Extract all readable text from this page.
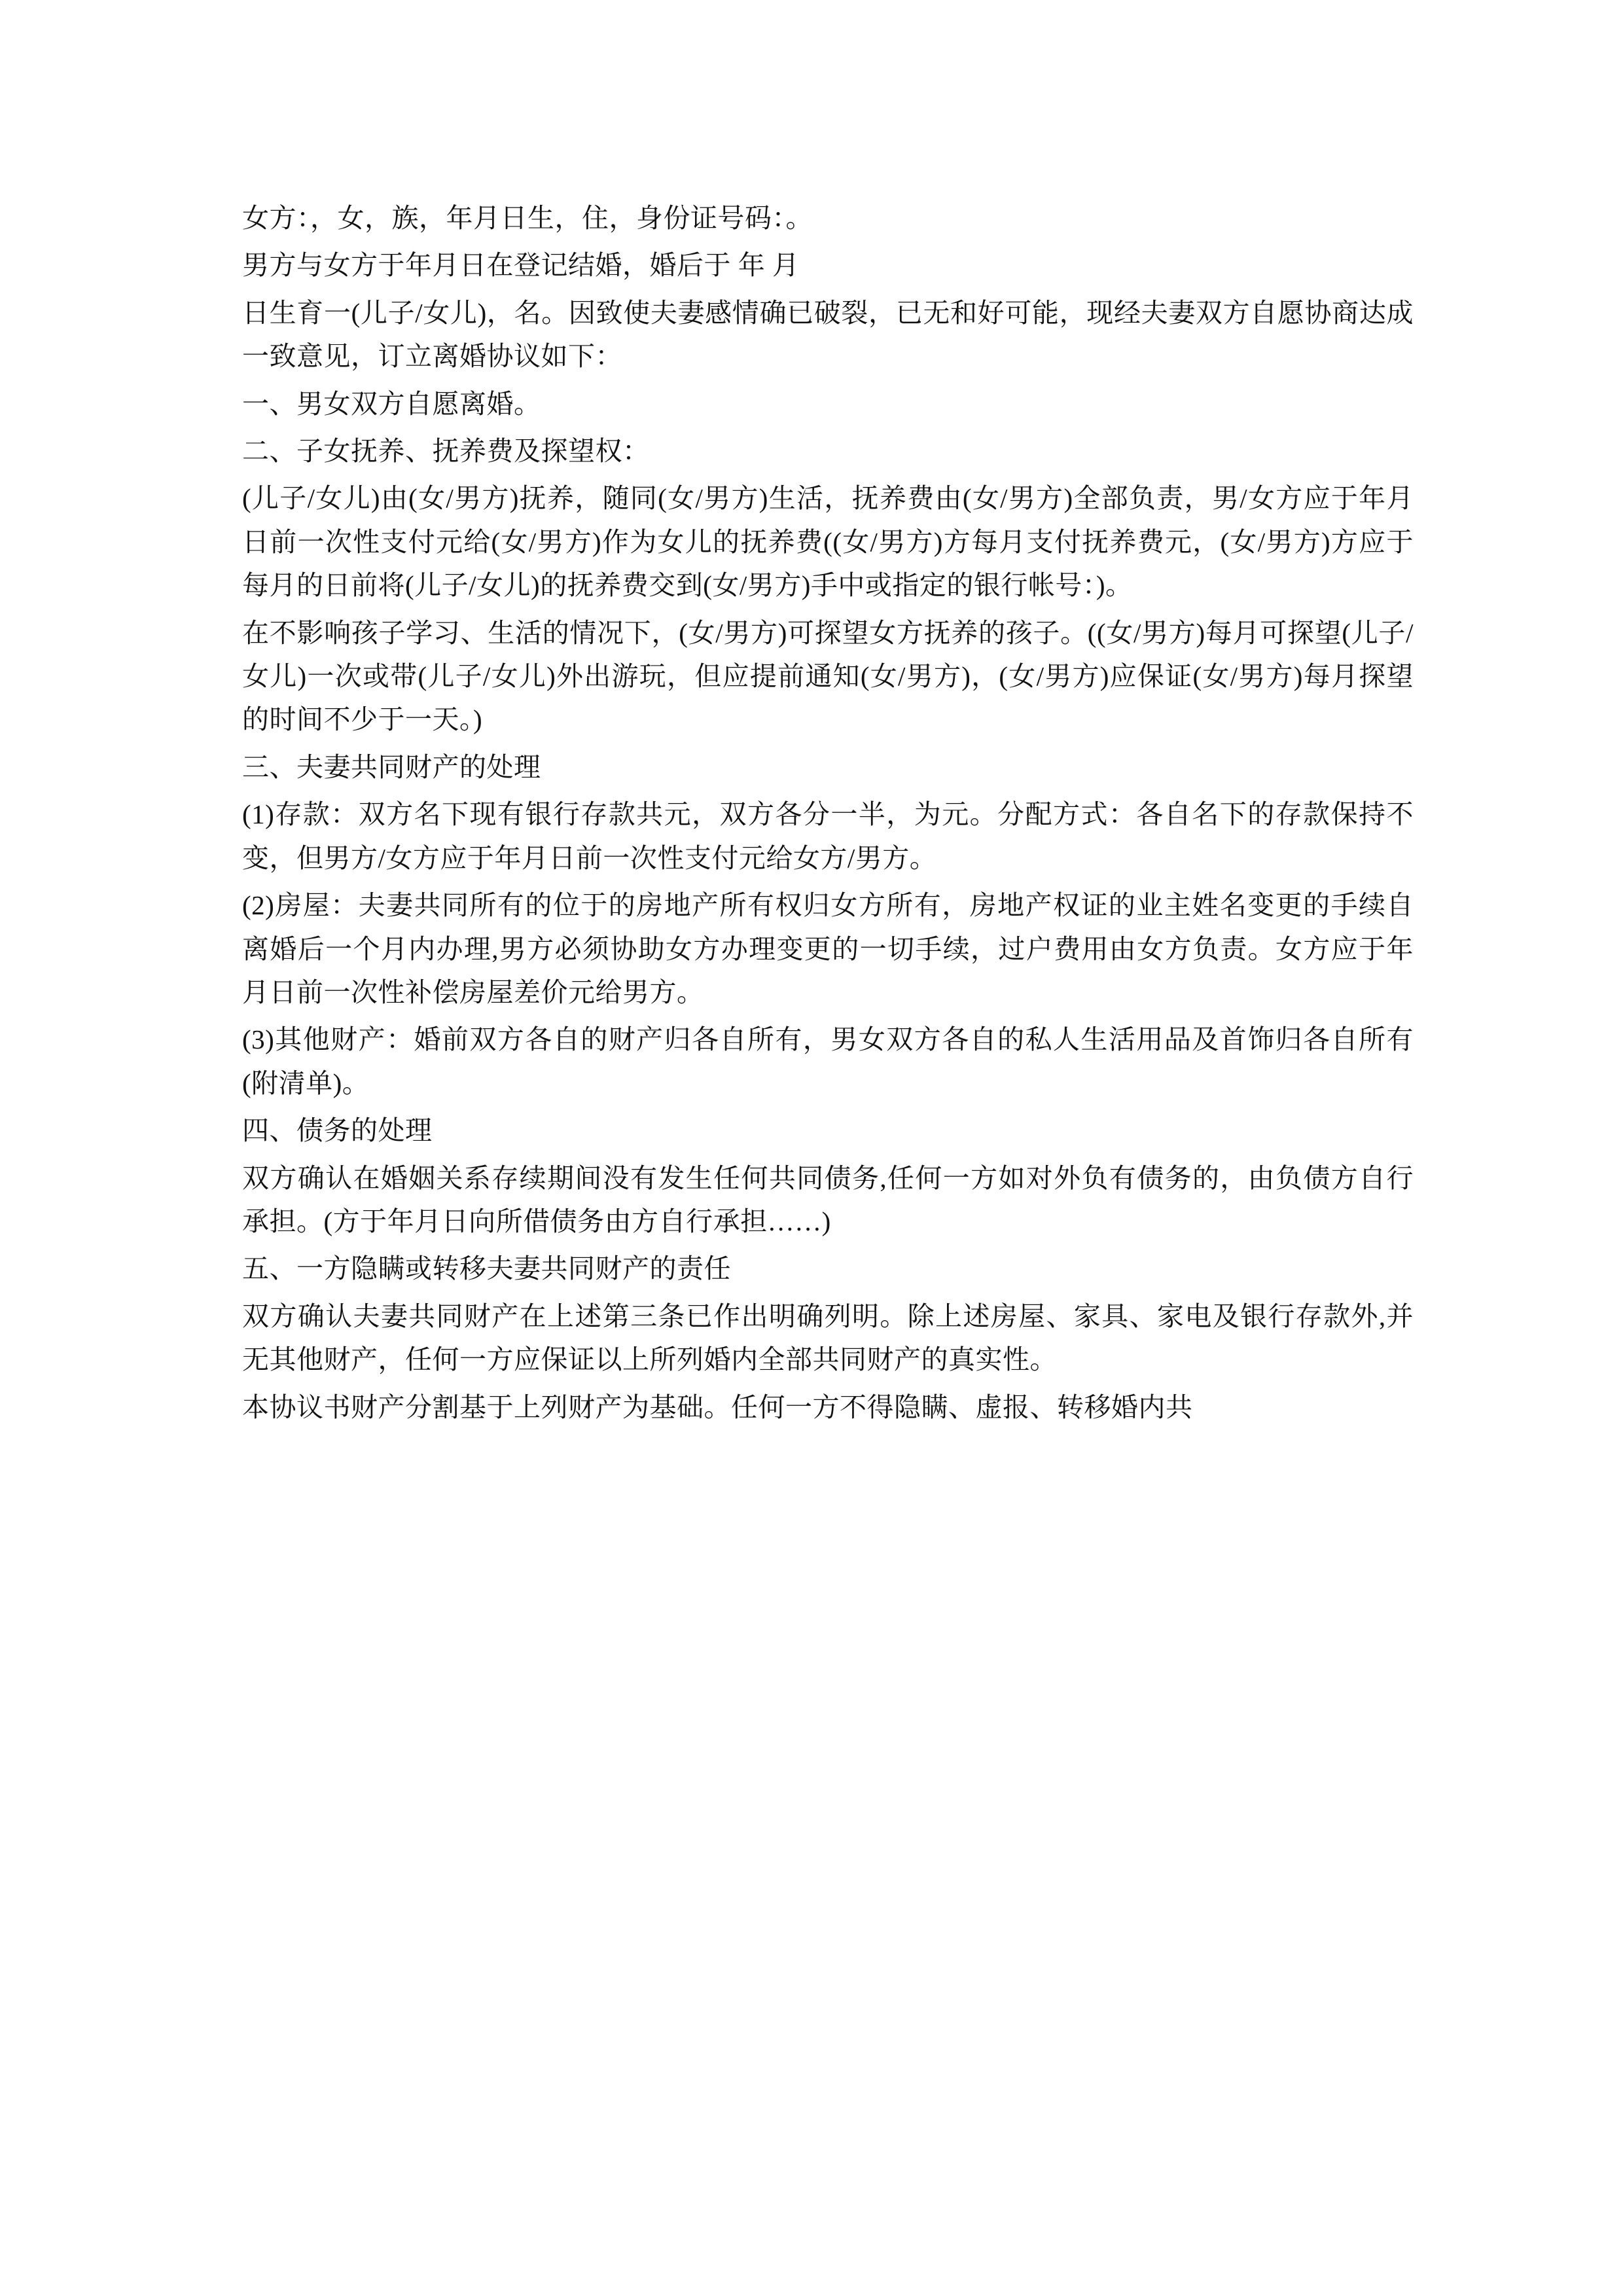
女方：，女，族，年月日生，住，身份证号码：。

男方与女方于年月日在登记结婚，婚后于 年 月

日生育一(儿子/女儿)，名。因致使夫妻感情确已破裂，已无和好可能，现经夫妻双方自愿协商达成一致意见，订立离婚协议如下：

一、男女双方自愿离婚。

二、子女抚养、抚养费及探望权：

(儿子/女儿)由(女/男方)抚养，随同(女/男方)生活，抚养费由(女/男方)全部负责，男/女方应于年月日前一次性支付元给(女/男方)作为女儿的抚养费((女/男方)方每月支付抚养费元，(女/男方)方应于每月的日前将(儿子/女儿)的抚养费交到(女/男方)手中或指定的银行帐号：)。

在不影响孩子学习、生活的情况下，(女/男方)可探望女方抚养的孩子。((女/男方)每月可探望(儿子/女儿)一次或带(儿子/女儿)外出游玩，但应提前通知(女/男方)，(女/男方)应保证(女/男方)每月探望的时间不少于一天。)

三、夫妻共同财产的处理

(1)存款：双方名下现有银行存款共元，双方各分一半，为元。分配方式：各自名下的存款保持不变，但男方/女方应于年月日前一次性支付元给女方/男方。

(2)房屋：夫妻共同所有的位于的房地产所有权归女方所有，房地产权证的业主姓名变更的手续自离婚后一个月内办理,男方必须协助女方办理变更的一切手续，过户费用由女方负责。女方应于年月日前一次性补偿房屋差价元给男方。

(3)其他财产：婚前双方各自的财产归各自所有，男女双方各自的私人生活用品及首饰归各自所有(附清单)。

四、债务的处理

双方确认在婚姻关系存续期间没有发生任何共同债务,任何一方如对外负有债务的，由负债方自行承担。(方于年月日向所借债务由方自行承担……)

五、一方隐瞒或转移夫妻共同财产的责任

双方确认夫妻共同财产在上述第三条已作出明确列明。除上述房屋、家具、家电及银行存款外,并无其他财产，任何一方应保证以上所列婚内全部共同财产的真实性。

本协议书财产分割基于上列财产为基础。任何一方不得隐瞒、虚报、转移婚内共
